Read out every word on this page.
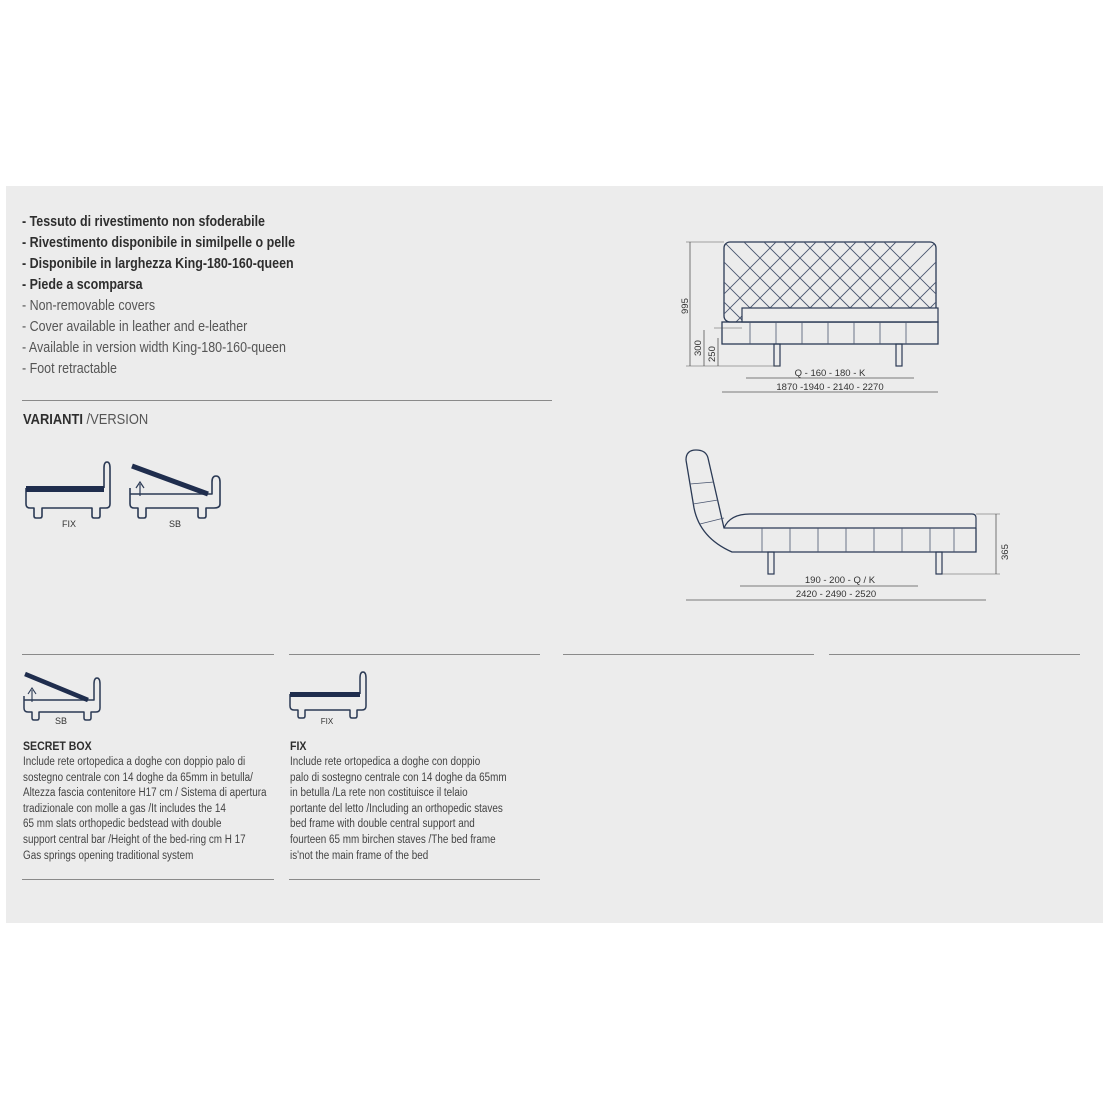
- Tessuto di rivestimento non sfoderabile
- Rivestimento disponibile in similpelle o pelle
- Disponibile in larghezza King-180-160-queen
- Piede a scomparsa
- Non-removable covers
- Cover available in leather and e-leather
- Available in version width King-180-160-queen
- Foot retractable
VARIANTI /VERSION
FIX	SB
995
300 250
Q - 160 - 180 - K
1870 -1940 - 2140 - 2270
365
190 - 200 - Q / K
2420 - 2490 - 2520
SB
SECRET BOX
Include rete ortopedica a doghe con doppio palo di
sostegno centrale con 14 doghe da 65mm in betulla/
Altezza fascia contenitore H17 cm / Sistema di apertura
tradizionale con molle a gas /It includes the 14
65 mm slats orthopedic bedstead with double
support central bar /Height of the bed-ring cm H 17
Gas springs opening traditional system
FIX
FIX
Include rete ortopedica a doghe con doppio
palo di sostegno centrale con 14 doghe da 65mm
in betulla /La rete non costituisce il telaio
portante del letto /Including an orthopedic staves
bed frame with double central support and
fourteen 65 mm birchen staves /The bed frame
is'not the main frame of the bed
